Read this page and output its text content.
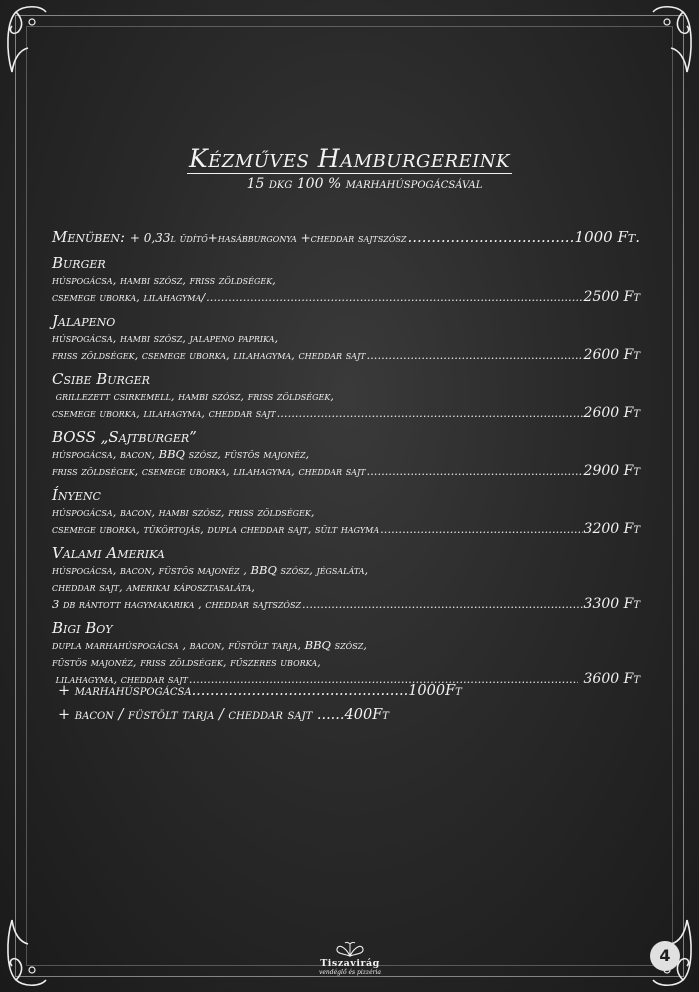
Kézműves Hamburgereink
15 dkg 100 % marhahúspogácsával
Menüben:
+ 0,33l üdítő+hasábburgonya +cheddar sajtszósz .....	1000 Ft.
Burger
húspogácsa, hambi szósz, friss zöldségek,
csemege uborka, lilahagyma/ .....	2500 Ft
Jalapeno
húspogácsa, hambi szósz, jalapeno paprika,
friss zöldségek, csemege uborka, lilahagyma, cheddar sajt .....	2600 Ft
Csibe Burger
grillezett csirkemell, hambi szósz, friss zöldségek,
csemege uborka, lilahagyma, cheddar sajt .....	2600 Ft
BOSS „Sajtburger”
húspogácsa, bacon, BBQ szósz, füstös majonéz,
friss zöldségek, csemege uborka, lilahagyma, cheddar sajt .....	2900 Ft
Ínyenc
húspogácsa, bacon, hambi szósz, friss zöldségek,
csemege uborka, tükörtojás, dupla cheddar sajt, sült hagyma .....	3200 Ft
Valami Amerika
húspogácsa, bacon, füstös majonéz , BBQ szósz, jégsaláta,
cheddar sajt, amerikai káposztasaláta,
3 db rántott hagymakarika , cheddar sajtszósz .....	3300 Ft
Bigi Boy
dupla marhahúspogácsa , bacon, füstölt tarja, BBQ szósz,
füstös majonéz, friss zöldségek, fűszeres uborka,
lilahagyma, cheddar sajt .....	3600 Ft
+ marhahúspogácsa...............................................1000Ft
+ bacon / füstölt tarja / cheddar sajt ......400Ft
Tiszavirág
vendéglő és pizzéria
4
